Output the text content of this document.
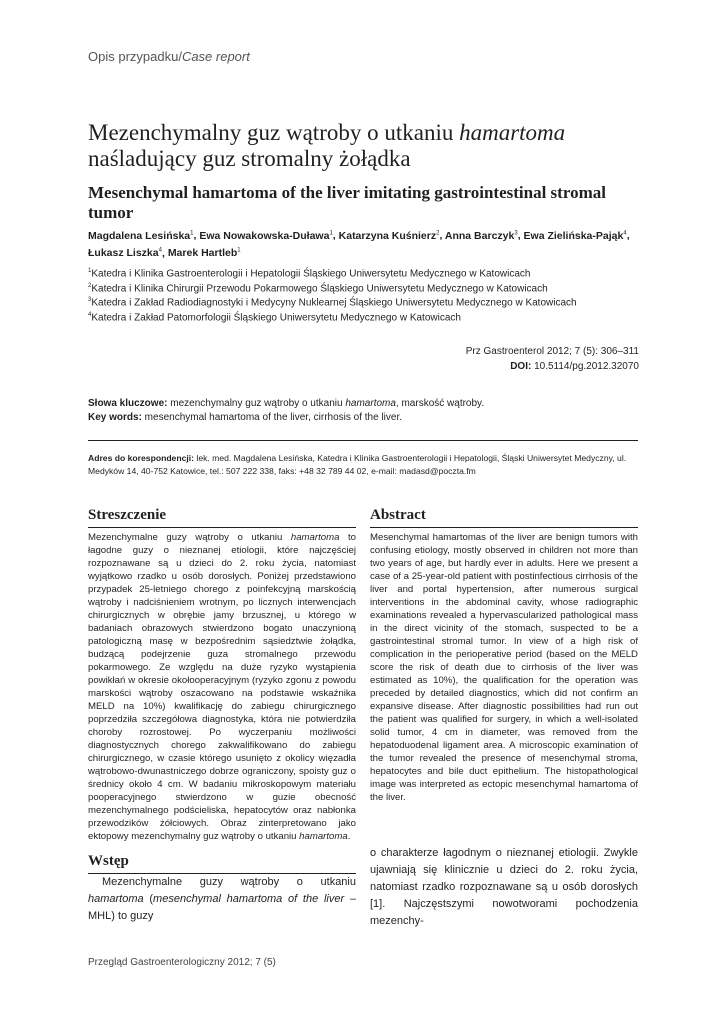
Opis przypadku/Case report
Mezenchymalny guz wątroby o utkaniu hamartoma
naśladujący guz stromalny żołądka
Mesenchymal hamartoma of the liver imitating gastrointestinal stromal tumor
Magdalena Lesińska$^1$, Ewa Nowakowska-Duława$^1$, Katarzyna Kuśnierz$^2$, Anna Barczyk$^3$, Ewa Zielińska-Pająk$^4$,
Łukasz Liszka$^4$, Marek Hartleb$^1$
$^1$Katedra i Klinika Gastroenterologii i Hepatologii Śląskiego Uniwersytetu Medycznego w Katowicach
$^2$Katedra i Klinika Chirurgii Przewodu Pokarmowego Śląskiego Uniwersytetu Medycznego w Katowicach
$^3$Katedra i Zakład Radiodiagnostyki i Medycyny Nuklearnej Śląskiego Uniwersytetu Medycznego w Katowicach
$^4$Katedra i Zakład Patomorfologii Śląskiego Uniwersytetu Medycznego w Katowicach
Prz Gastroenterol 2012; 7 (5): 306–311
DOI: 10.5114/pg.2012.32070
Słowa kluczowe: mezenchymalny guz wątroby o utkaniu hamartoma, marskość wątroby.
Key words: mesenchymal hamartoma of the liver, cirrhosis of the liver.
Adres do korespondencji: lek. med. Magdalena Lesińska, Katedra i Klinika Gastroenterologii i Hepatologii, Śląski Uniwersytet Medyczny, ul. Medyków 14, 40-752 Katowice, tel.: 507 222 338, faks: +48 32 789 44 02, e-mail: madasd@poczta.fm
Streszczenie
Mezenchymalne guzy wątroby o utkaniu hamartoma to łagodne guzy o nieznanej etiologii, które najczęściej rozpoznawane są u dzieci do 2. roku życia, natomiast wyjątkowo rzadko u osób dorosłych. Poniżej przedstawiono przypadek 25-letniego chorego z poinfekcyjną marskością wątroby i nadciśnieniem wrotnym, po licznych interwencjach chirurgicznych w obrębie jamy brzusznej, u którego w badaniach obrazowych stwierdzono bogato unaczynioną patologiczną masę w bezpośrednim sąsiedztwie żołądka, budzącą podejrzenie guza stromalnego przewodu pokarmowego. Ze względu na duże ryzyko wystąpienia powikłań w okresie okołooperacyjnym (ryzyko zgonu z powodu marskości wątroby oszacowano na podstawie wskaźnika MELD na 10%) kwalifikację do zabiegu chirurgicznego poprzedziła szczegółowa diagnostyka, która nie potwierdziła choroby rozrostowej. Po wyczerpaniu możliwości diagnostycznych chorego zakwalifikowano do zabiegu chirurgicznego, w czasie którego usunięto z okolicy więzadła wątrobowo-dwunastniczego dobrze ograniczony, spoisty guz o średnicy około 4 cm. W badaniu mikroskopowym materiału pooperacyjnego stwierdzono w guzie obecność mezenchymalnego podścieliska, hepatocytów oraz nabłonka przewodzików żółciowych. Obraz zinterpretowano jako ektopowy mezenchymalny guz wątroby o utkaniu hamartoma.
Abstract
Mesenchymal hamartomas of the liver are benign tumors with confusing etiology, mostly observed in children not more than two years of age, but hardly ever in adults. Here we present a case of a 25-year-old patient with postinfectious cirrhosis of the liver and portal hypertension, after numerous surgical interventions in the abdominal cavity, whose radiographic examinations revealed a hypervascularized pathological mass in the direct vicinity of the stomach, suspected to be a gastrointestinal stromal tumor. In view of a high risk of complication in the perioperative period (based on the MELD score the risk of death due to cirrhosis of the liver was estimated as 10%), the qualification for the operation was preceded by detailed diagnostics, which did not confirm an expansive disease. After diagnostic possibilities had run out the patient was qualified for surgery, in which a well-isolated solid tumor, 4 cm in diameter, was removed from the hepatoduodenal ligament area. A microscopic examination of the tumor revealed the presence of mesenchymal stroma, hepatocytes and bile duct epithelium. The histopathological image was interpreted as ectopic mesenchymal hamartoma of the liver.
Wstęp
Mezenchymalne guzy wątroby o utkaniu hamartoma (mesenchymal hamartoma of the liver – MHL) to guzy
o charakterze łagodnym o nieznanej etiologii. Zwykle ujawniają się klinicznie u dzieci do 2. roku życia, natomiast rzadko rozpoznawane są u osób dorosłych [1]. Najczęstszymi nowotworami pochodzenia mezenchy-
Przegląd Gastroenterologiczny 2012; 7 (5)
